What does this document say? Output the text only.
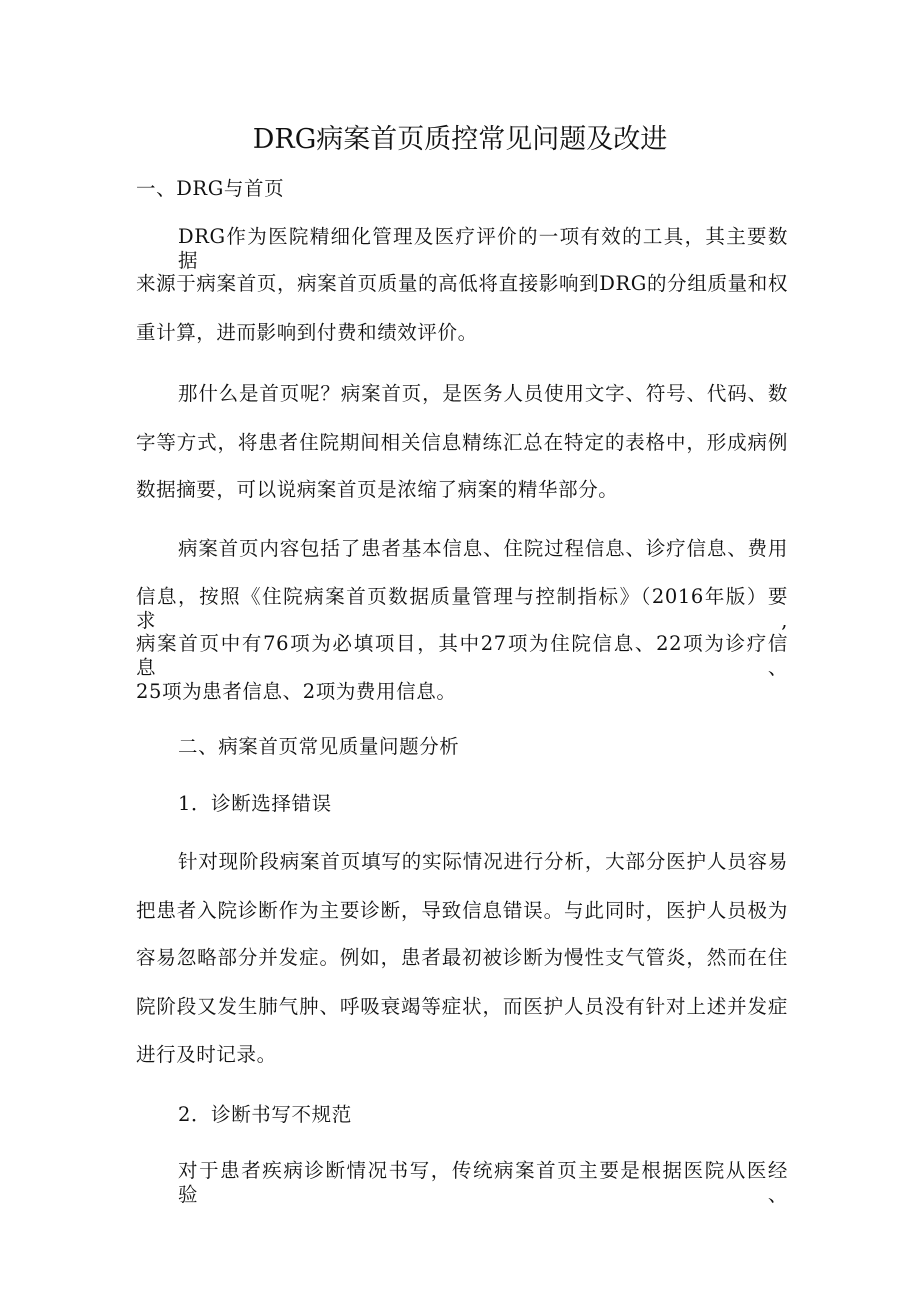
DRG病案首页质控常见问题及改进
一、DRG与首页
DRG作为医院精细化管理及医疗评价的一项有效的工具，其主要数据
来源于病案首页，病案首页质量的高低将直接影响到DRG的分组质量和权
重计算，进而影响到付费和绩效评价。
那什么是首页呢？病案首页，是医务人员使用文字、符号、代码、数
字等方式，将患者住院期间相关信息精练汇总在特定的表格中，形成病例
数据摘要，可以说病案首页是浓缩了病案的精华部分。
病案首页内容包括了患者基本信息、住院过程信息、诊疗信息、费用
信息，按照《住院病案首页数据质量管理与控制指标》（2016年版）要求,
病案首页中有76项为必填项目，其中27项为住院信息、22项为诊疗信息、
25项为患者信息、2项为费用信息。
二、病案首页常见质量问题分析
1．诊断选择错误
针对现阶段病案首页填写的实际情况进行分析，大部分医护人员容易
把患者入院诊断作为主要诊断，导致信息错误。与此同时，医护人员极为
容易忽略部分并发症。例如，患者最初被诊断为慢性支气管炎，然而在住
院阶段又发生肺气肿、呼吸衰竭等症状，而医护人员没有针对上述并发症
进行及时记录。
2．诊断书写不规范
对于患者疾病诊断情况书写，传统病案首页主要是根据医院从医经验、
